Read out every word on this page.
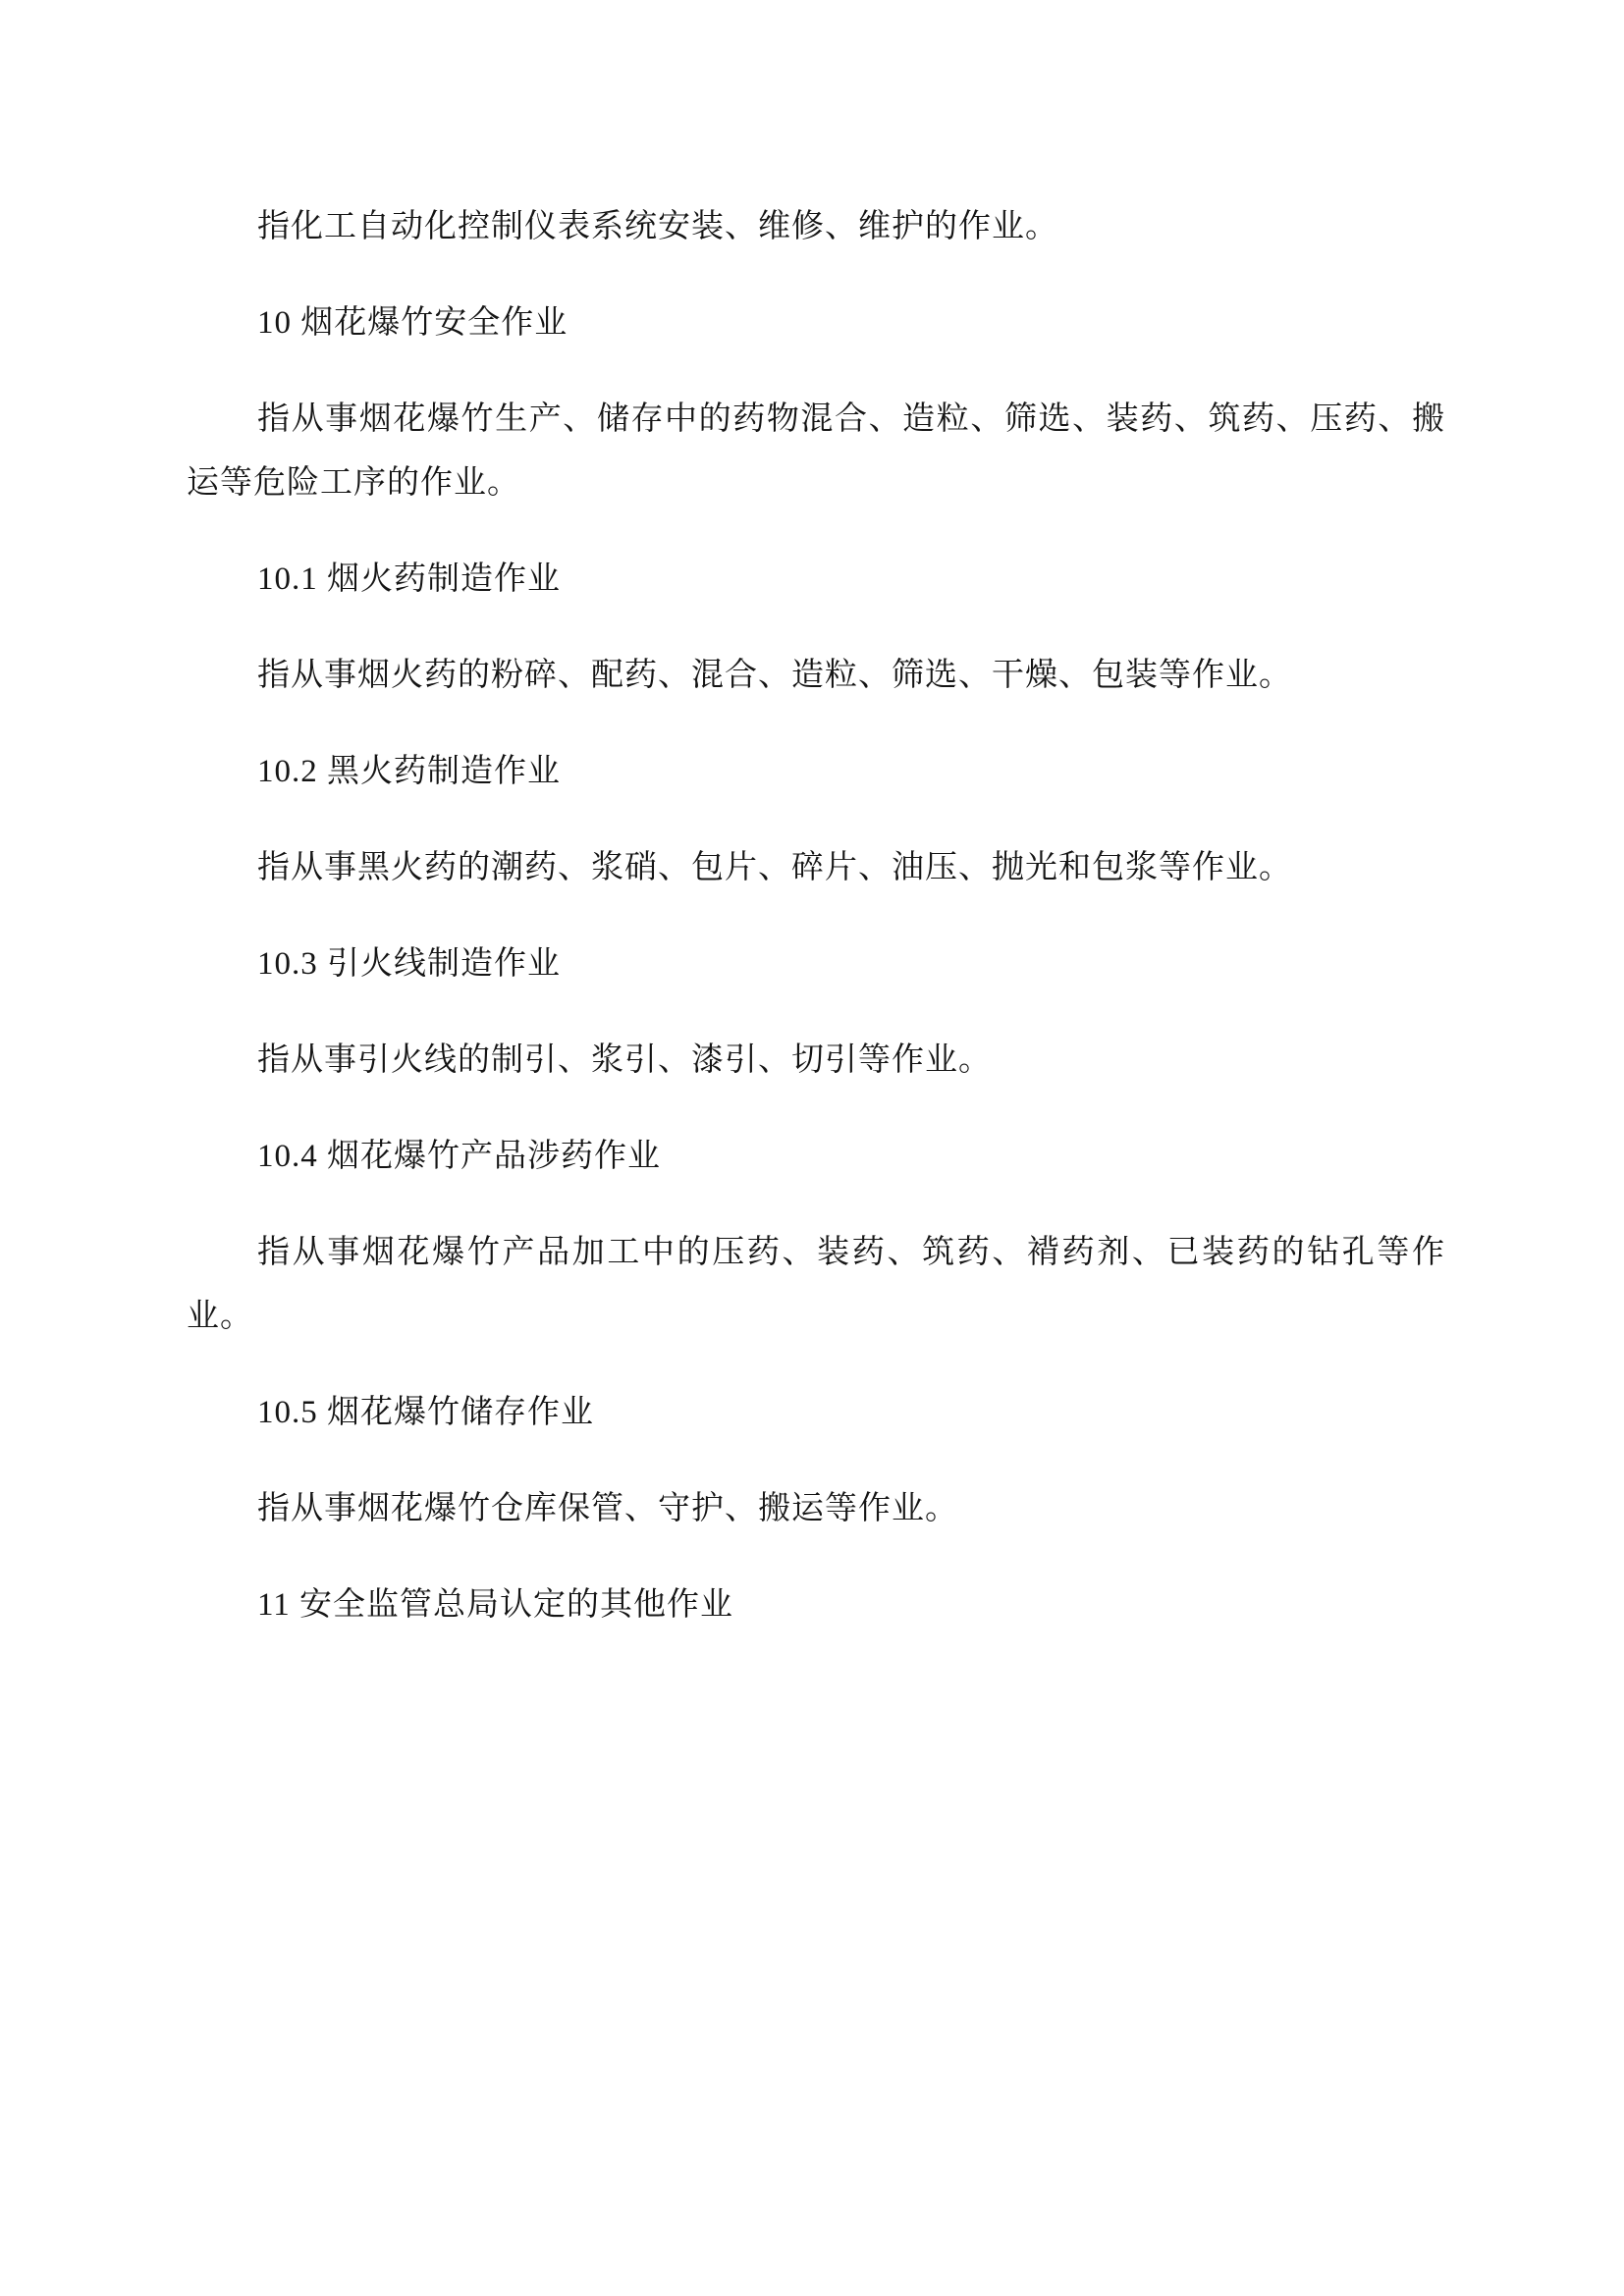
指化工自动化控制仪表系统安装、维修、维护的作业。

10 烟花爆竹安全作业

指从事烟花爆竹生产、储存中的药物混合、造粒、筛选、装药、筑药、压药、搬运等危险工序的作业。

10.1 烟火药制造作业

指从事烟火药的粉碎、配药、混合、造粒、筛选、干燥、包装等作业。

10.2 黑火药制造作业

指从事黑火药的潮药、浆硝、包片、碎片、油压、抛光和包浆等作业。

10.3 引火线制造作业

指从事引火线的制引、浆引、漆引、切引等作业。

10.4 烟花爆竹产品涉药作业

指从事烟花爆竹产品加工中的压药、装药、筑药、褙药剂、已装药的钻孔等作业。

10.5 烟花爆竹储存作业

指从事烟花爆竹仓库保管、守护、搬运等作业。

11 安全监管总局认定的其他作业
